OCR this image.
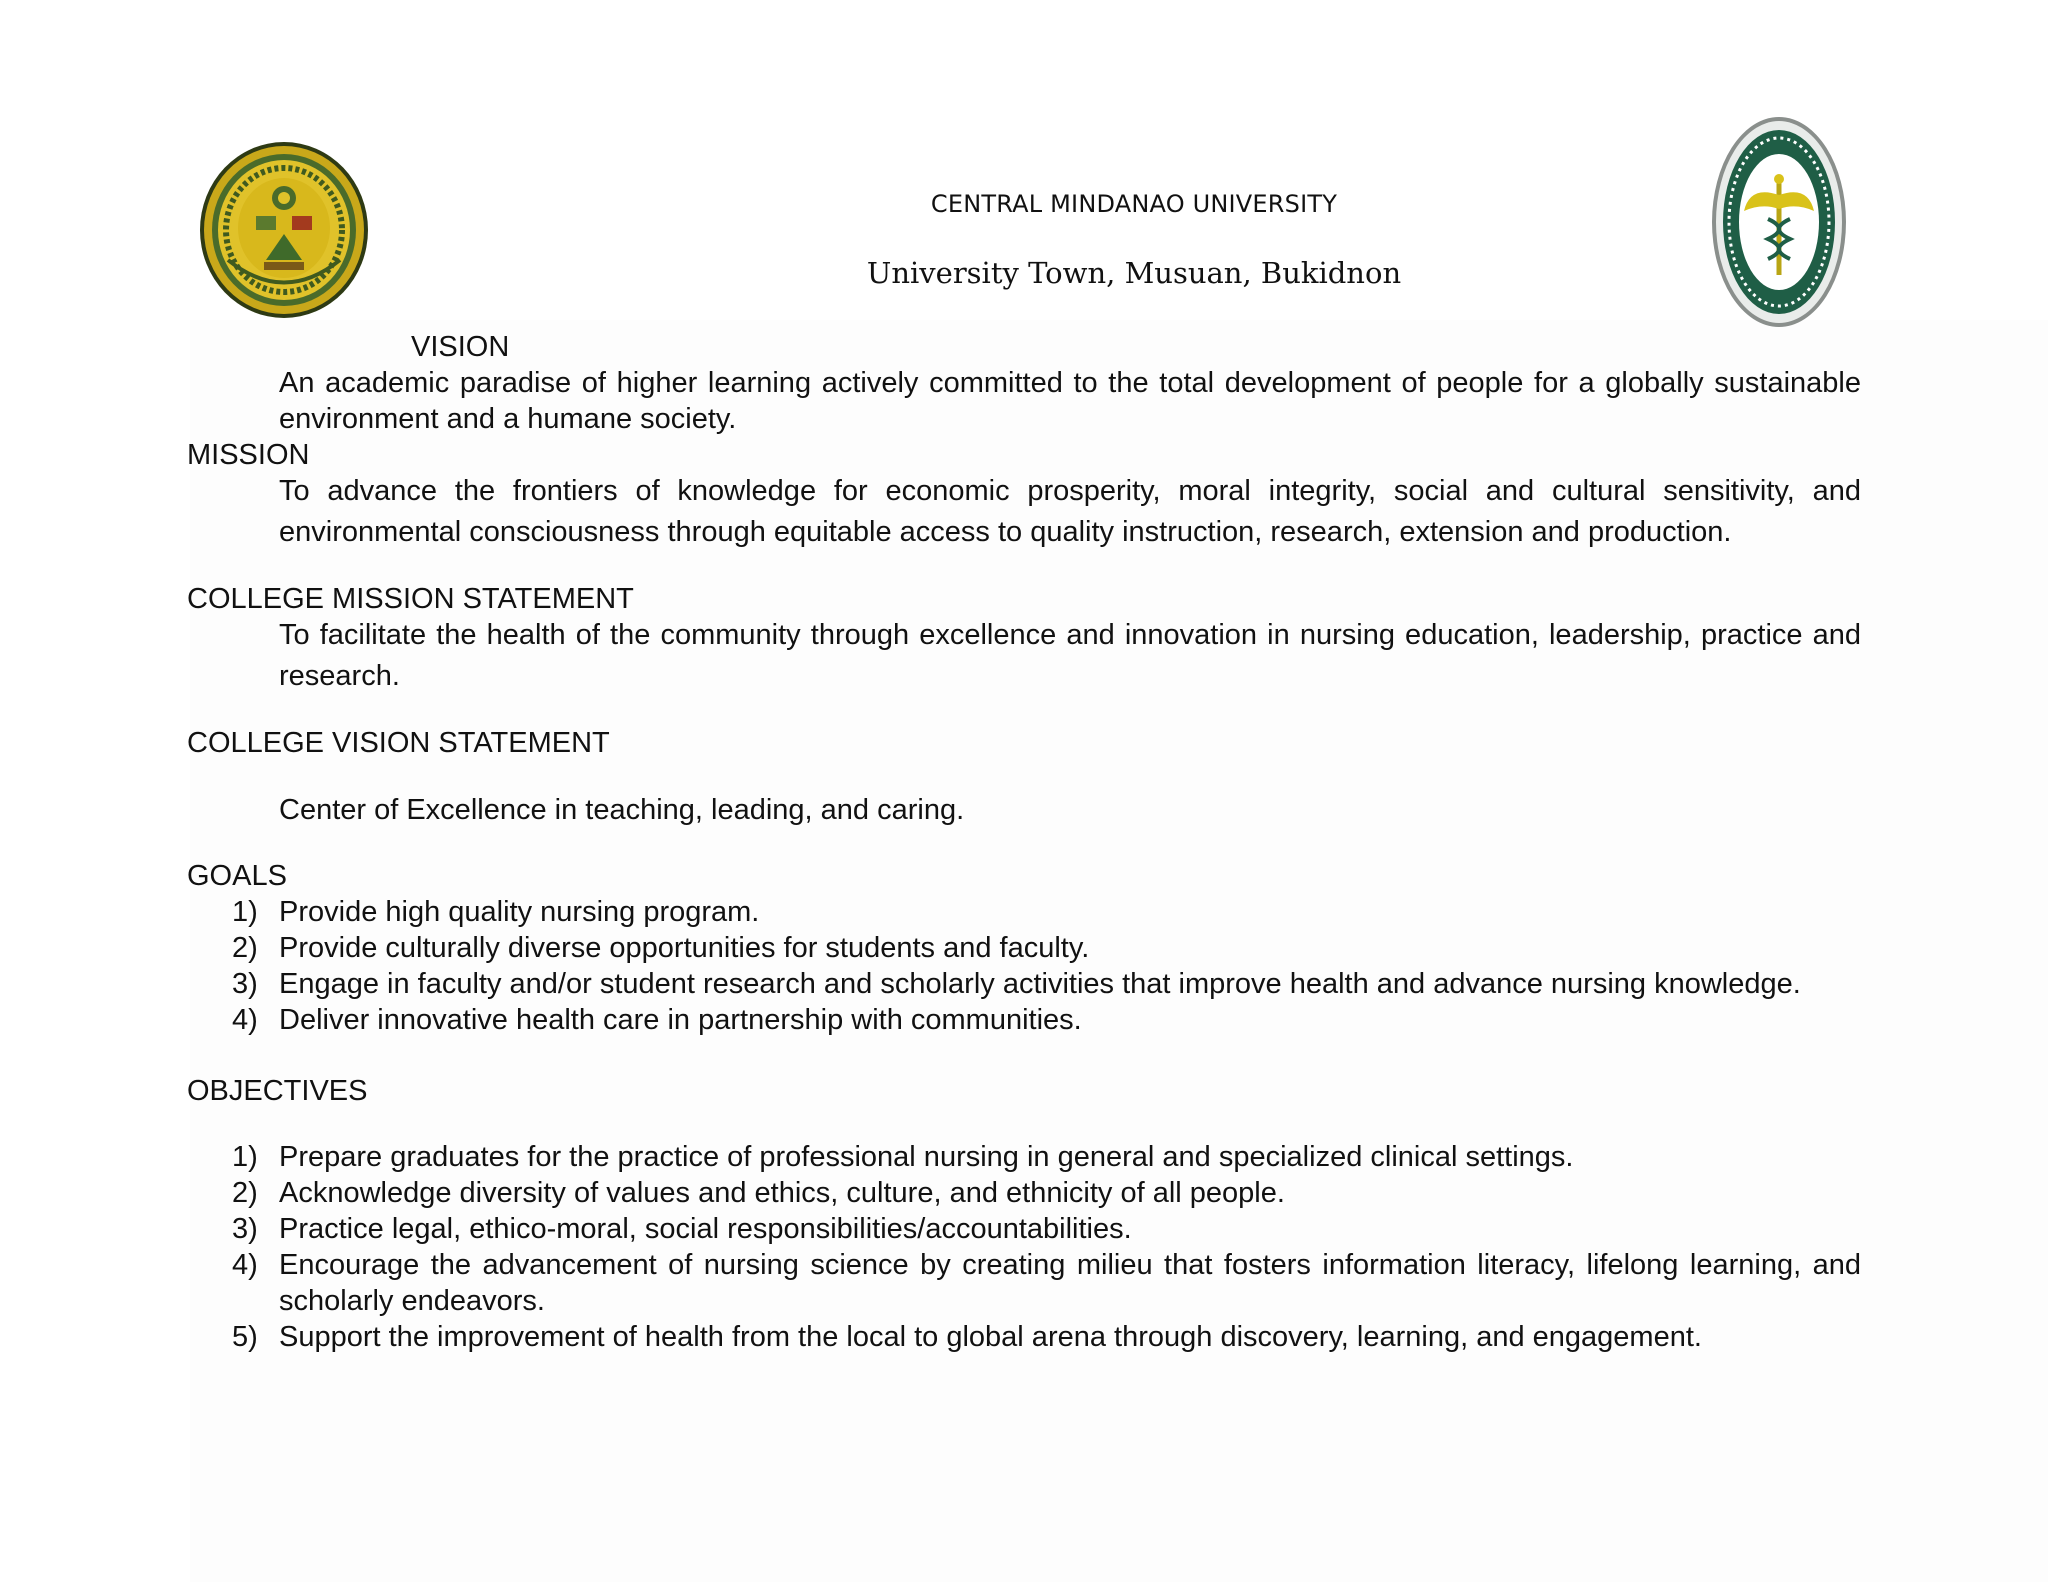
CENTRAL MINDANAO UNIVERSITY
University Town, Musuan, Bukidnon
VISION
An academic paradise of higher learning actively committed to the total development of people for a globally sustainable environment and a humane society.
MISSION
To advance the frontiers of knowledge for economic prosperity, moral integrity, social and cultural sensitivity, and environmental consciousness through equitable access to quality instruction, research, extension and production.
COLLEGE MISSION STATEMENT
To facilitate the health of the community through excellence and innovation in nursing education, leadership, practice and research.
COLLEGE VISION STATEMENT
Center of Excellence in teaching, leading, and caring.
GOALS
1) Provide high quality nursing program.
2) Provide culturally diverse opportunities for students and faculty.
3) Engage in faculty and/or student research and scholarly activities that improve health and advance nursing knowledge.
4) Deliver innovative health care in partnership with communities.
OBJECTIVES
1) Prepare graduates for the practice of professional nursing in general and specialized clinical settings.
2) Acknowledge diversity of values and ethics, culture, and ethnicity of all people.
3) Practice legal, ethico-moral, social responsibilities/accountabilities.
4) Encourage the advancement of nursing science by creating milieu that fosters information literacy, lifelong learning, and scholarly endeavors.
5) Support the improvement of health from the local to global arena through discovery, learning, and engagement.
